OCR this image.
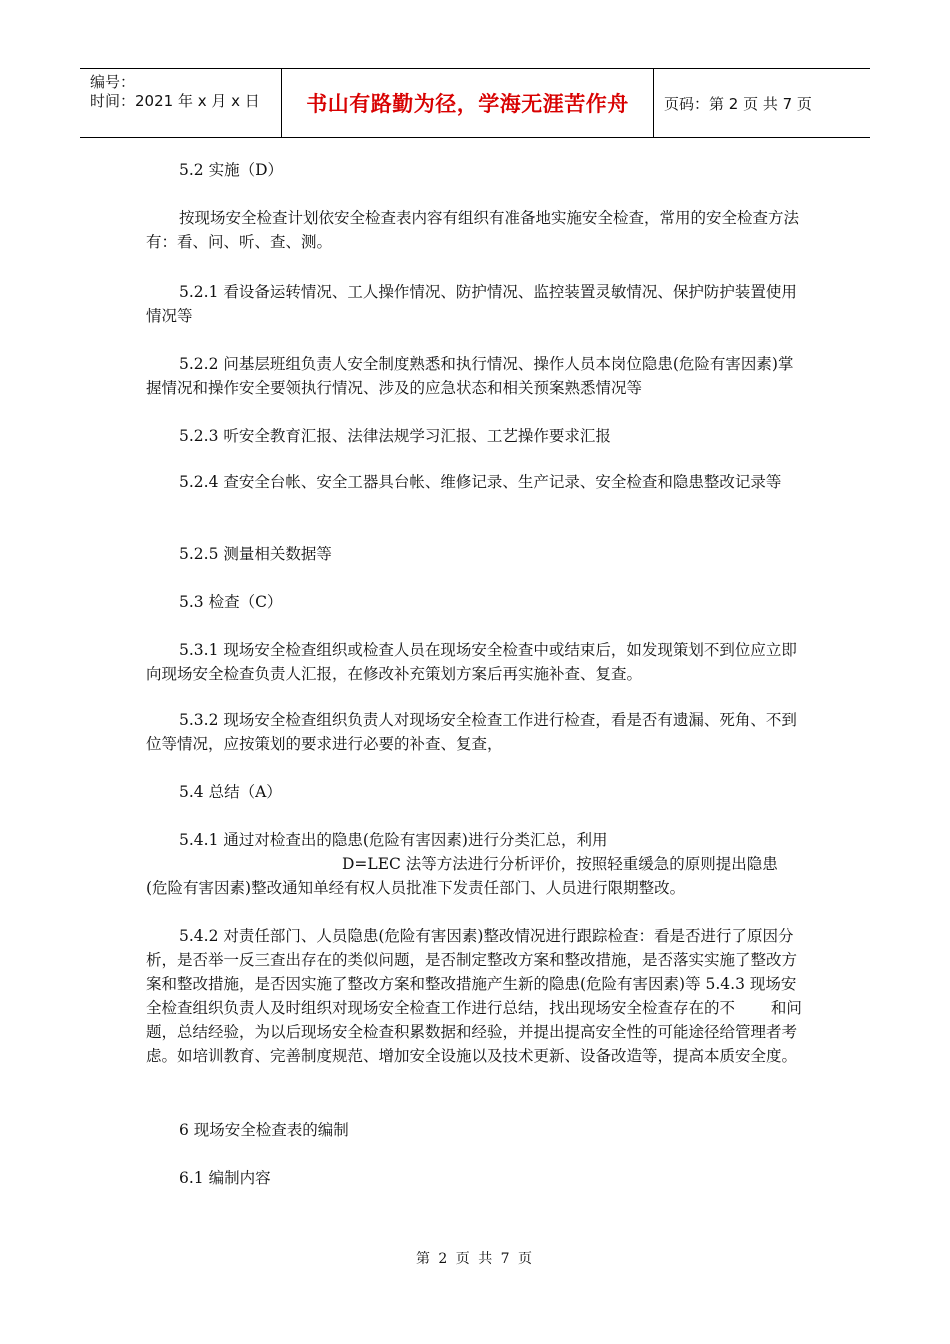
编号：
时间：2021 年 x 月 x 日	书山有路勤为径，学海无涯苦作舟 页码：第 2 页 共 7 页
5.2 实施（D）

按现场安全检查计划依安全检查表内容有组织有准备地实施安全检查，常用的安全检查方法有：看、问、听、查、测。

5.2.1 看设备运转情况、工人操作情况、防护情况、监控装置灵敏情况、保护防护装置使用情况等

5.2.2 问基层班组负责人安全制度熟悉和执行情况、操作人员本岗位隐患(危险有害因素)掌握情况和操作安全要领执行情况、涉及的应急状态和相关预案熟悉情况等

5.2.3 听安全教育汇报、法律法规学习汇报、工艺操作要求汇报

5.2.4 查安全台帐、安全工器具台帐、维修记录、生产记录、安全检查和隐患整改记录等

5.2.5 测量相关数据等

5.3 检查（C）

5.3.1 现场安全检查组织或检查人员在现场安全检查中或结束后，如发现策划不到位应立即向现场安全检查负责人汇报，在修改补充策划方案后再实施补查、复查。

5.3.2 现场安全检查组织负责人对现场安全检查工作进行检查，看是否有遗漏、死角、不到位等情况，应按策划的要求进行必要的补查、复查，

5.4 总结（A）

5.4.1 通过对检查出的隐患(危险有害因素)进行分类汇总，利用

D=LEC 法等方法进行分析评价，按照轻重缓急的原则提出隐患

(危险有害因素)整改通知单经有权人员批准下发责任部门、人员进行限期整改。

5.4.2 对责任部门、人员隐患(危险有害因素)整改情况进行跟踪检查：看是否进行了原因分析，是否举一反三查出存在的类似问题，是否制定整改方案和整改措施，是否落实实施了整改方案和整改措施，是否因实施了整改方案和整改措施产生新的隐患(危险有害因素)等 5.4.3 现场安全检查组织负责人及时组织对现场安全检查工作进行总结，找出现场安全检查存在的不　　 和问题，总结经验，为以后现场安全检查积累数据和经验，并提出提高安全性的可能途径给管理者考虑。如培训教育、完善制度规范、增加安全设施以及技术更新、设备改造等，提高本质安全度。

6 现场安全检查表的编制
6.1 编制内容
第 2 页 共 7 页
